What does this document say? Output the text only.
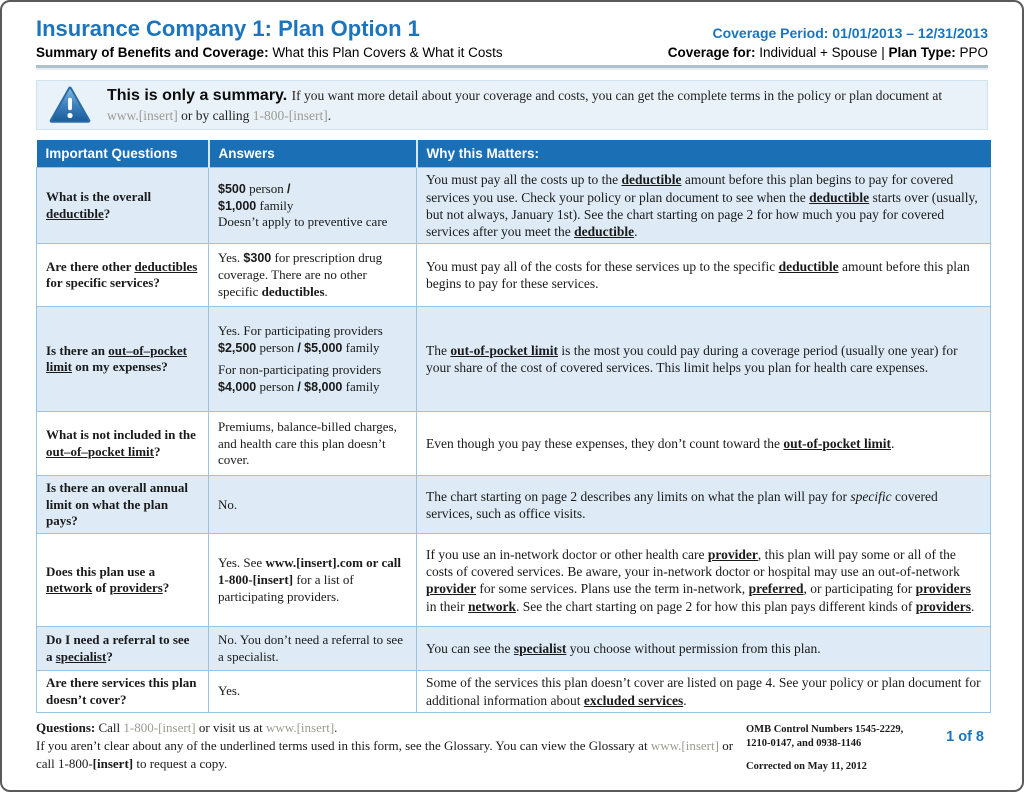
Insurance Company 1: Plan Option 1
Summary of Benefits and Coverage: What this Plan Covers & What it Costs
Coverage Period: 01/01/2013 – 12/31/2013
Coverage for: Individual + Spouse | Plan Type: PPO
This is only a summary. If you want more detail about your coverage and costs, you can get the complete terms in the policy or plan document at www.[insert] or by calling 1-800-[insert].
Important Questions	Answers	Why this Matters:
What is the overall deductible?	$500 person /
$1,000 family
Doesn’t apply to preventive care	You must pay all the costs up to the deductible amount before this plan begins to pay for covered services you use. Check your policy or plan document to see when the deductible starts over (usually, but not always, January 1st). See the chart starting on page 2 for how much you pay for covered services after you meet the deductible.
Are there other deductibles for specific services?	Yes. $300 for prescription drug coverage. There are no other specific deductibles.	You must pay all of the costs for these services up to the specific deductible amount before this plan begins to pay for these services.
Is there an out–of–pocket limit on my expenses?	Yes. For participating providers
$2,500 person / $5,000 family
For non-participating providers
$4,000 person / $8,000 family	The out-of-pocket limit is the most you could pay during a coverage period (usually one year) for your share of the cost of covered services. This limit helps you plan for health care expenses.
What is not included in the out–of–pocket limit?	Premiums, balance-billed charges, and health care this plan doesn’t cover.	Even though you pay these expenses, they don’t count toward the out-of-pocket limit.
Is there an overall annual limit on what the plan pays?	No.	The chart starting on page 2 describes any limits on what the plan will pay for specific covered services, such as office visits.
Does this plan use a network of providers?	Yes. See www.[insert].com or call 1-800-[insert] for a list of participating providers.	If you use an in-network doctor or other health care provider, this plan will pay some or all of the costs of covered services. Be aware, your in-network doctor or hospital may use an out-of-network provider for some services. Plans use the term in-network, preferred, or participating for providers in their network. See the chart starting on page 2 for how this plan pays different kinds of providers.
Do I need a referral to see a specialist?	No. You don’t need a referral to see a specialist.	You can see the specialist you choose without permission from this plan.
Are there services this plan doesn’t cover?	Yes.	Some of the services this plan doesn’t cover are listed on page 4. See your policy or plan document for additional information about excluded services.
Questions: Call 1-800-[insert] or visit us at www.[insert].
If you aren’t clear about any of the underlined terms used in this form, see the Glossary. You can view the Glossary at www.[insert] or call 1-800-[insert] to request a copy.
OMB Control Numbers 1545-2229,
1210-0147, and 0938-1146	1 of 8
Corrected on May 11, 2012
